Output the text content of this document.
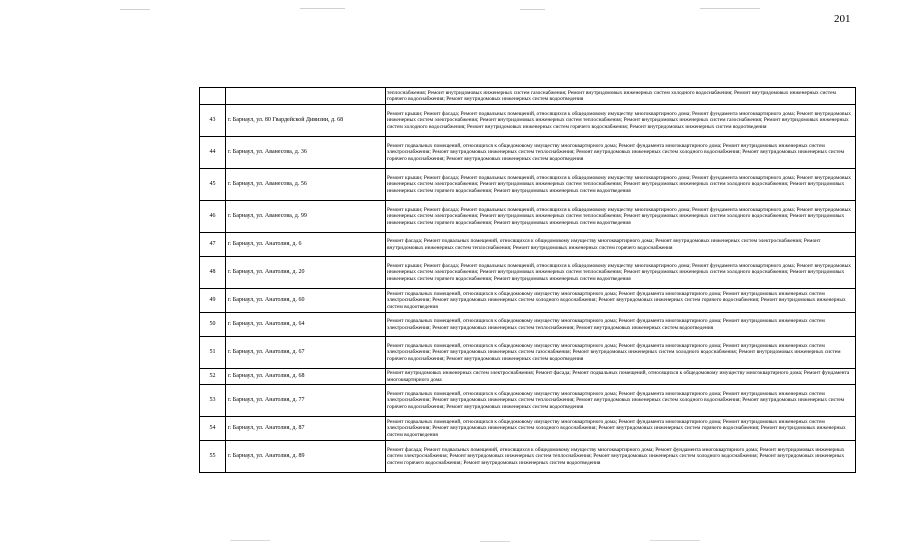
201
		теплоснабжения; Ремонт внутридомовых инженерных систем газоснабжения; Ремонт внутридомовых инженерных систем холодного водоснабжения; Ремонт внутридомовых инженерных систем горячего водоснабжения; Ремонт внутридомовых инженерных систем водоотведения
43	г. Барнаул, ул. 80 Гвардейской Дивизии, д. 68	Ремонт крыши; Ремонт фасада; Ремонт подвальных помещений, относящихся к общедомовому имуществу многоквартирного дома; Ремонт фундамента многоквартирного дома; Ремонт внутридомовых инженерных систем электроснабжения; Ремонт внутридомовых инженерных систем теплоснабжения; Ремонт внутридомовых инженерных систем газоснабжения; Ремонт внутридомовых инженерных систем холодного водоснабжения; Ремонт внутридомовых инженерных систем горячего водоснабжения; Ремонт внутридомовых инженерных систем водоотведения
44	г. Барнаул, ул. Аванесова, д. 36	Ремонт подвальных помещений, относящихся к общедомовому имуществу многоквартирного дома; Ремонт фундамента многоквартирного дома; Ремонт внутридомовых инженерных систем электроснабжения; Ремонт внутридомовых инженерных систем теплоснабжения; Ремонт внутридомовых инженерных систем холодного водоснабжения; Ремонт внутридомовых инженерных систем горячего водоснабжения; Ремонт внутридомовых инженерных систем водоотведения
45	г. Барнаул, ул. Аванесова, д. 56	Ремонт крыши; Ремонт фасада; Ремонт подвальных помещений, относящихся к общедомовому имуществу многоквартирного дома; Ремонт фундамента многоквартирного дома; Ремонт внутридомовых инженерных систем электроснабжения; Ремонт внутридомовых инженерных систем теплоснабжения; Ремонт внутридомовых инженерных систем холодного водоснабжения; Ремонт внутридомовых инженерных систем горячего водоснабжения; Ремонт внутридомовых инженерных систем водоотведения
46	г. Барнаул, ул. Аванесова, д. 99	Ремонт крыши; Ремонт фасада; Ремонт подвальных помещений, относящихся к общедомовому имуществу многоквартирного дома; Ремонт фундамента многоквартирного дома; Ремонт внутридомовых инженерных систем электроснабжения; Ремонт внутридомовых инженерных систем теплоснабжения; Ремонт внутридомовых инженерных систем холодного водоснабжения; Ремонт внутридомовых инженерных систем горячего водоснабжения; Ремонт внутридомовых инженерных систем водоотведения
47	г. Барнаул, ул. Анатолия, д. 6	Ремонт фасада; Ремонт подвальных помещений, относящихся к общедомовому имуществу многоквартирного дома; Ремонт внутридомовых инженерных систем электроснабжения; Ремонт внутридомовых инженерных систем теплоснабжения; Ремонт внутридомовых инженерных систем горячего водоснабжения
48	г. Барнаул, ул. Анатолия, д. 20	Ремонт крыши; Ремонт фасада; Ремонт подвальных помещений, относящихся к общедомовому имуществу многоквартирного дома; Ремонт фундамента многоквартирного дома; Ремонт внутридомовых инженерных систем электроснабжения; Ремонт внутридомовых инженерных систем теплоснабжения; Ремонт внутридомовых инженерных систем холодного водоснабжения; Ремонт внутридомовых инженерных систем горячего водоснабжения; Ремонт внутридомовых инженерных систем водоотведения
49	г. Барнаул, ул. Анатолия, д. 60	Ремонт подвальных помещений, относящихся к общедомовому имуществу многоквартирного дома; Ремонт фундамента многоквартирного дома; Ремонт внутридомовых инженерных систем электроснабжения; Ремонт внутридомовых инженерных систем холодного водоснабжения; Ремонт внутридомовых инженерных систем горячего водоснабжения; Ремонт внутридомовых инженерных систем водоотведения
50	г. Барнаул, ул. Анатолия, д. 64	Ремонт подвальных помещений, относящихся к общедомовому имуществу многоквартирного дома; Ремонт фундамента многоквартирного дома; Ремонт внутридомовых инженерных систем электроснабжения; Ремонт внутридомовых инженерных систем теплоснабжения; Ремонт внутридомовых инженерных систем водоотведения
51	г. Барнаул, ул. Анатолия, д. 67	Ремонт подвальных помещений, относящихся к общедомовому имуществу многоквартирного дома; Ремонт фундамента многоквартирного дома; Ремонт внутридомовых инженерных систем электроснабжения; Ремонт внутридомовых инженерных систем газоснабжения; Ремонт внутридомовых инженерных систем холодного водоснабжения; Ремонт внутридомовых инженерных систем горячего водоснабжения; Ремонт внутридомовых инженерных систем водоотведения
52	г. Барнаул, ул. Анатолия, д. 68	Ремонт внутридомовых инженерных систем электроснабжения; Ремонт фасада; Ремонт подвальных помещений, относящихся к общедомовому имуществу многоквартирного дома; Ремонт фундамента многоквартирного дома
53	г. Барнаул, ул. Анатолия, д. 77	Ремонт подвальных помещений, относящихся к общедомовому имуществу многоквартирного дома; Ремонт фундамента многоквартирного дома; Ремонт внутридомовых инженерных систем электроснабжения; Ремонт внутридомовых инженерных систем теплоснабжения; Ремонт внутридомовых инженерных систем холодного водоснабжения; Ремонт внутридомовых инженерных систем горячего водоснабжения; Ремонт внутридомовых инженерных систем водоотведения
54	г. Барнаул, ул. Анатолия, д. 87	Ремонт подвальных помещений, относящихся к общедомовому имуществу многоквартирного дома; Ремонт фундамента многоквартирного дома; Ремонт внутридомовых инженерных систем электроснабжения; Ремонт внутридомовых инженерных систем холодного водоснабжения; Ремонт внутридомовых инженерных систем горячего водоснабжения; Ремонт внутридомовых инженерных систем водоотведения
55	г. Барнаул, ул. Анатолия, д. 89	Ремонт фасада; Ремонт подвальных помещений, относящихся к общедомовому имуществу многоквартирного дома; Ремонт фундамента многоквартирного дома; Ремонт внутридомовых инженерных систем электроснабжения; Ремонт внутридомовых инженерных систем теплоснабжения; Ремонт внутридомовых инженерных систем холодного водоснабжения; Ремонт внутридомовых инженерных систем горячего водоснабжения; Ремонт внутридомовых инженерных систем водоотведения
